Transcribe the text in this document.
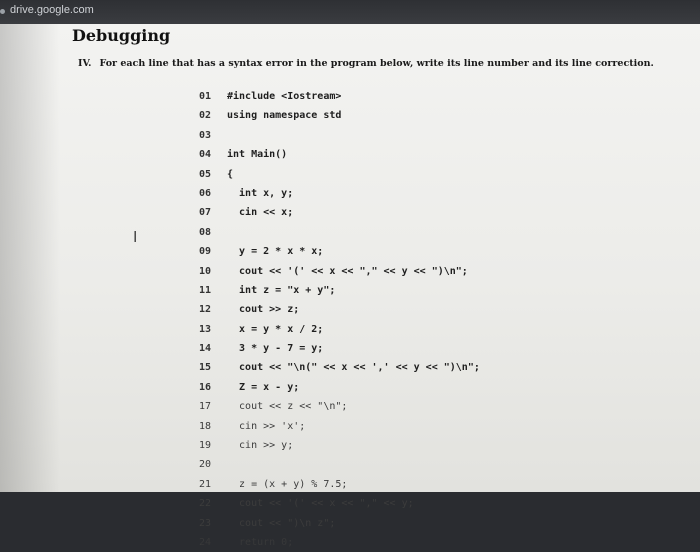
drive.google.com
Debugging
IV. For each line that has a syntax error in the program below, write its line number and its line correction.
01 #include <Iostream>
02 using namespace std
03
04 int Main()
05 {
06  int x, y;
07  cin << x;
08
09  y = 2 * x * x;
10  cout << '(' << x << "," << y << ")\n";
11  int z = "x + y";
12  cout >> z;
13  x = y * x / 2;
14  3 * y - 7 = y;
15  cout << "\n(" << x << ',' << y << ")\n";
16  Z = x - y;
17  cout << z << "\n";
18  cin >> 'x';
19  cin >> y;
20
21  z = (x + y) % 7.5;
22  cout << '(' << x << "," << y;
23  cout << ")\n z";
24  return 0;
I
